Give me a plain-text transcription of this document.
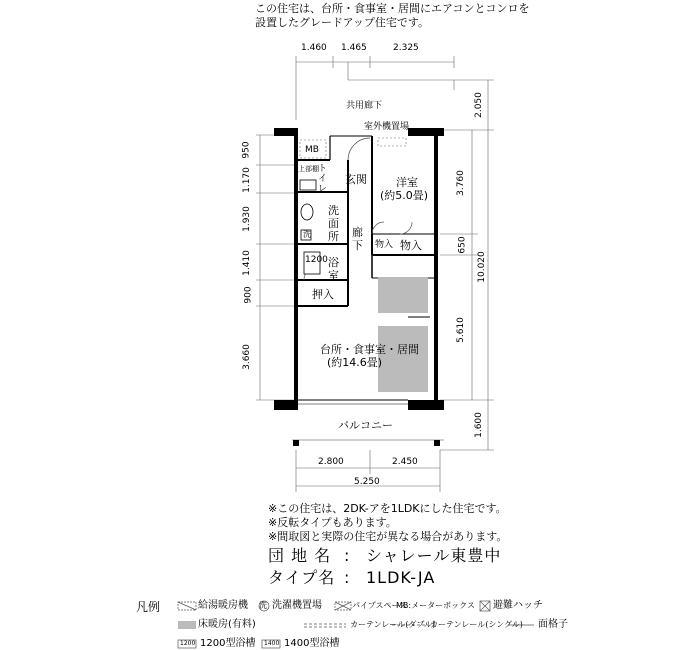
この住宅は、台所・食事室・居間にエアコンとコンロを
設置したグレードアップ住宅です。
1.460 1.465	2.325
2.050
10.020
1.600
3.760
650
5.610
950
1.170
1.930
1.410
900
3.660
2.800	2.450
5.250
共用廊下
室外機置場
MB
上部棚 トイレ
玄関	洋室
(約5.0畳)
洗面所
洗	廊下 物入 物入
1200 浴室
押入
台所・食事室・居間
(約14.6畳)
バルコニー
※この住宅は、2DK-アを1LDKにした住宅です。
※反転タイプもあります。
※間取図と実際の住宅が異なる場合があります。
団 地 名 : シャレール東豊中
タイプ名 : 1LDK-JA
凡例	給湯暖房機 洗 洗濯機置場	パイプスペース
MB:メーターボックス 避難ハッチ
床暖房(有料)	カーテンレール(ダブル)
カーテンレール(シングル) 面格子
1200 1200型浴槽 1400 1400型浴槽
